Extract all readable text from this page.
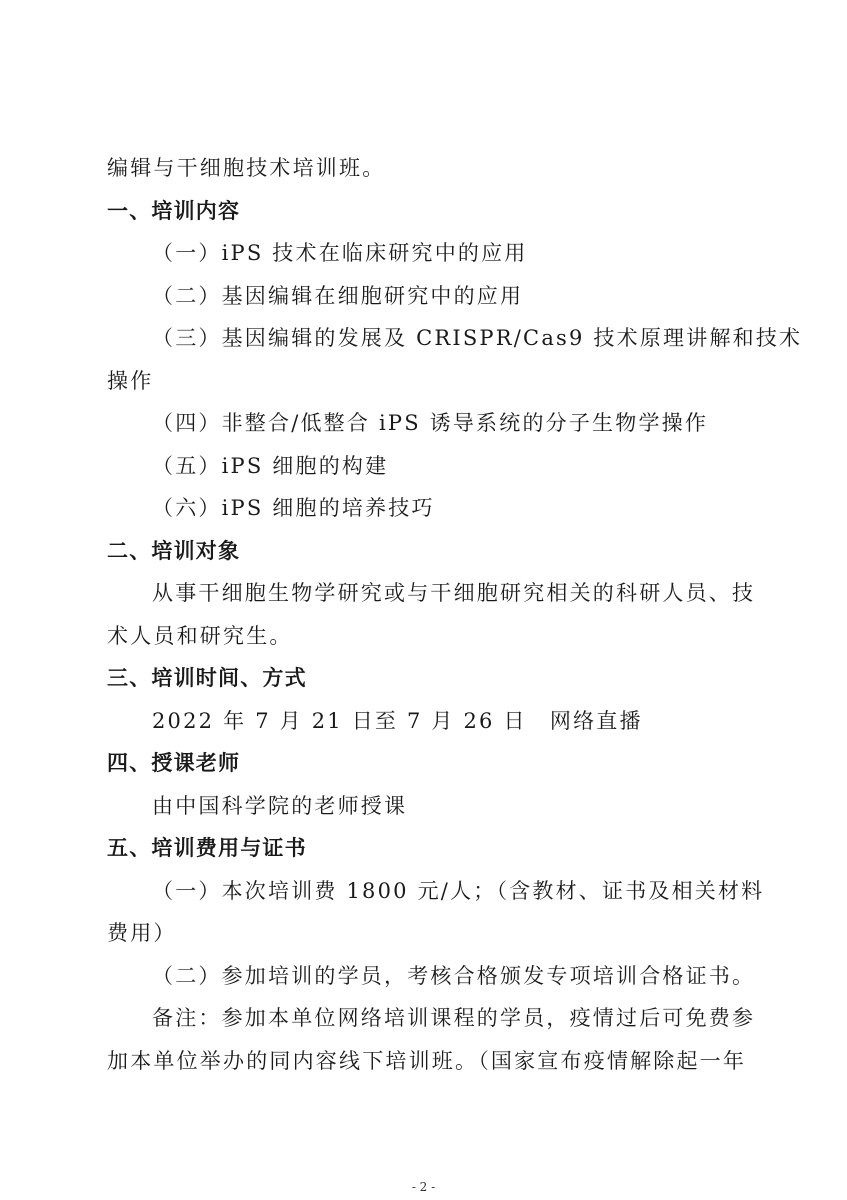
编辑与干细胞技术培训班。
一、培训内容
（一）iPS 技术在临床研究中的应用
（二）基因编辑在细胞研究中的应用
（三）基因编辑的发展及 CRISPR/Cas9 技术原理讲解和技术
操作
（四）非整合/低整合 iPS 诱导系统的分子生物学操作
（五）iPS 细胞的构建
（六）iPS 细胞的培养技巧
二、培训对象
从事干细胞生物学研究或与干细胞研究相关的科研人员、技
术人员和研究生。
三、培训时间、方式
2022 年 7 月 21 日至 7 月 26 日　网络直播
四、授课老师
由中国科学院的老师授课
五、培训费用与证书
（一）本次培训费 1800 元/人；（含教材、证书及相关材料
费用）
（二）参加培训的学员，考核合格颁发专项培训合格证书。
备注：参加本单位网络培训课程的学员，疫情过后可免费参
加本单位举办的同内容线下培训班。（国家宣布疫情解除起一年
- 2 -
